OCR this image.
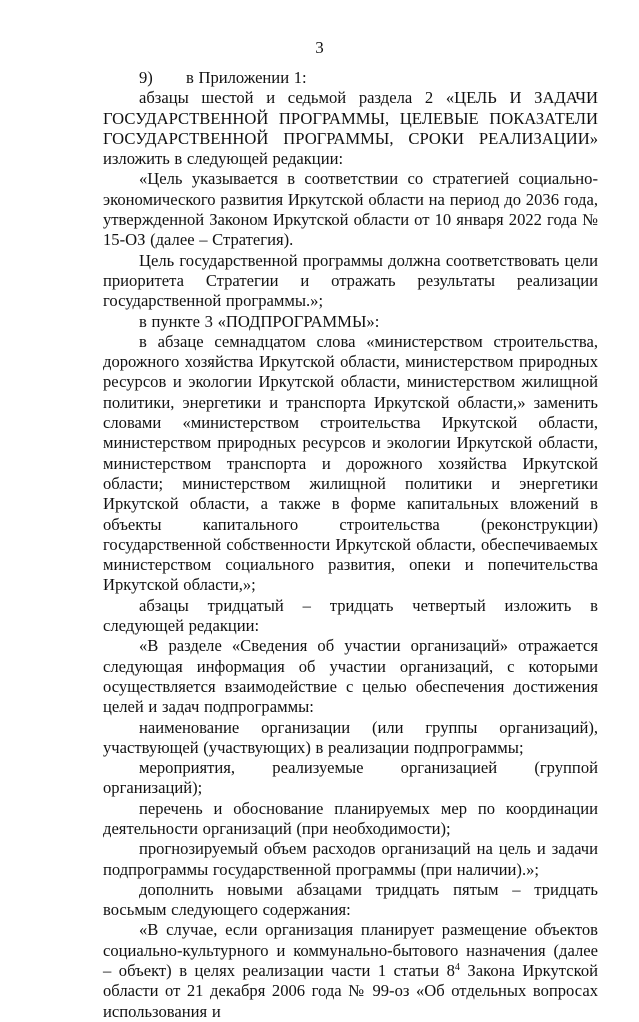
3

9)  в Приложении 1:

абзацы шестой и седьмой раздела 2 «ЦЕЛЬ И ЗАДАЧИ ГОСУДАРСТВЕННОЙ ПРОГРАММЫ, ЦЕЛЕВЫЕ ПОКАЗАТЕЛИ ГОСУДАРСТВЕННОЙ ПРОГРАММЫ, СРОКИ РЕАЛИЗАЦИИ» изложить в следующей редакции:

«Цель указывается в соответствии со стратегией социально-экономического развития Иркутской области на период до 2036 года, утвержденной Законом Иркутской области от 10 января 2022 года № 15-ОЗ (далее – Стратегия).

Цель государственной программы должна соответствовать цели приоритета Стратегии и отражать результаты реализации государственной программы.»;

в пункте 3 «ПОДПРОГРАММЫ»:

в абзаце семнадцатом слова «министерством строительства, дорожного хозяйства Иркутской области, министерством природных ресурсов и экологии Иркутской области, министерством жилищной политики, энергетики и транспорта Иркутской области,» заменить словами «министерством строительства Иркутской области, министерством природных ресурсов и экологии Иркутской области, министерством транспорта и дорожного хозяйства Иркутской области; министерством жилищной политики и энергетики Иркутской области, а также в форме капитальных вложений в объекты капитального строительства (реконструкции) государственной собственности Иркутской области, обеспечиваемых министерством социального развития, опеки и попечительства Иркутской области,»;

абзацы тридцатый – тридцать четвертый изложить в следующей редакции:

«В разделе «Сведения об участии организаций» отражается следующая информация об участии организаций, с которыми осуществляется взаимодействие с целью обеспечения достижения целей и задач подпрограммы:

наименование организации (или группы организаций), участвующей (участвующих) в реализации подпрограммы;

мероприятия, реализуемые организацией (группой организаций);

перечень и обоснование планируемых мер по координации деятельности организаций (при необходимости);

прогнозируемый объем расходов организаций на цель и задачи подпрограммы государственной программы (при наличии).»;

дополнить новыми абзацами тридцать пятым – тридцать восьмым следующего содержания:

«В случае, если организация планирует размещение объектов социально-культурного и коммунально-бытового назначения (далее – объект) в целях реализации части 1 статьи $8^4$ Закона Иркутской области от 21 декабря 2006 года № 99-оз «Об отдельных вопросах использования и
